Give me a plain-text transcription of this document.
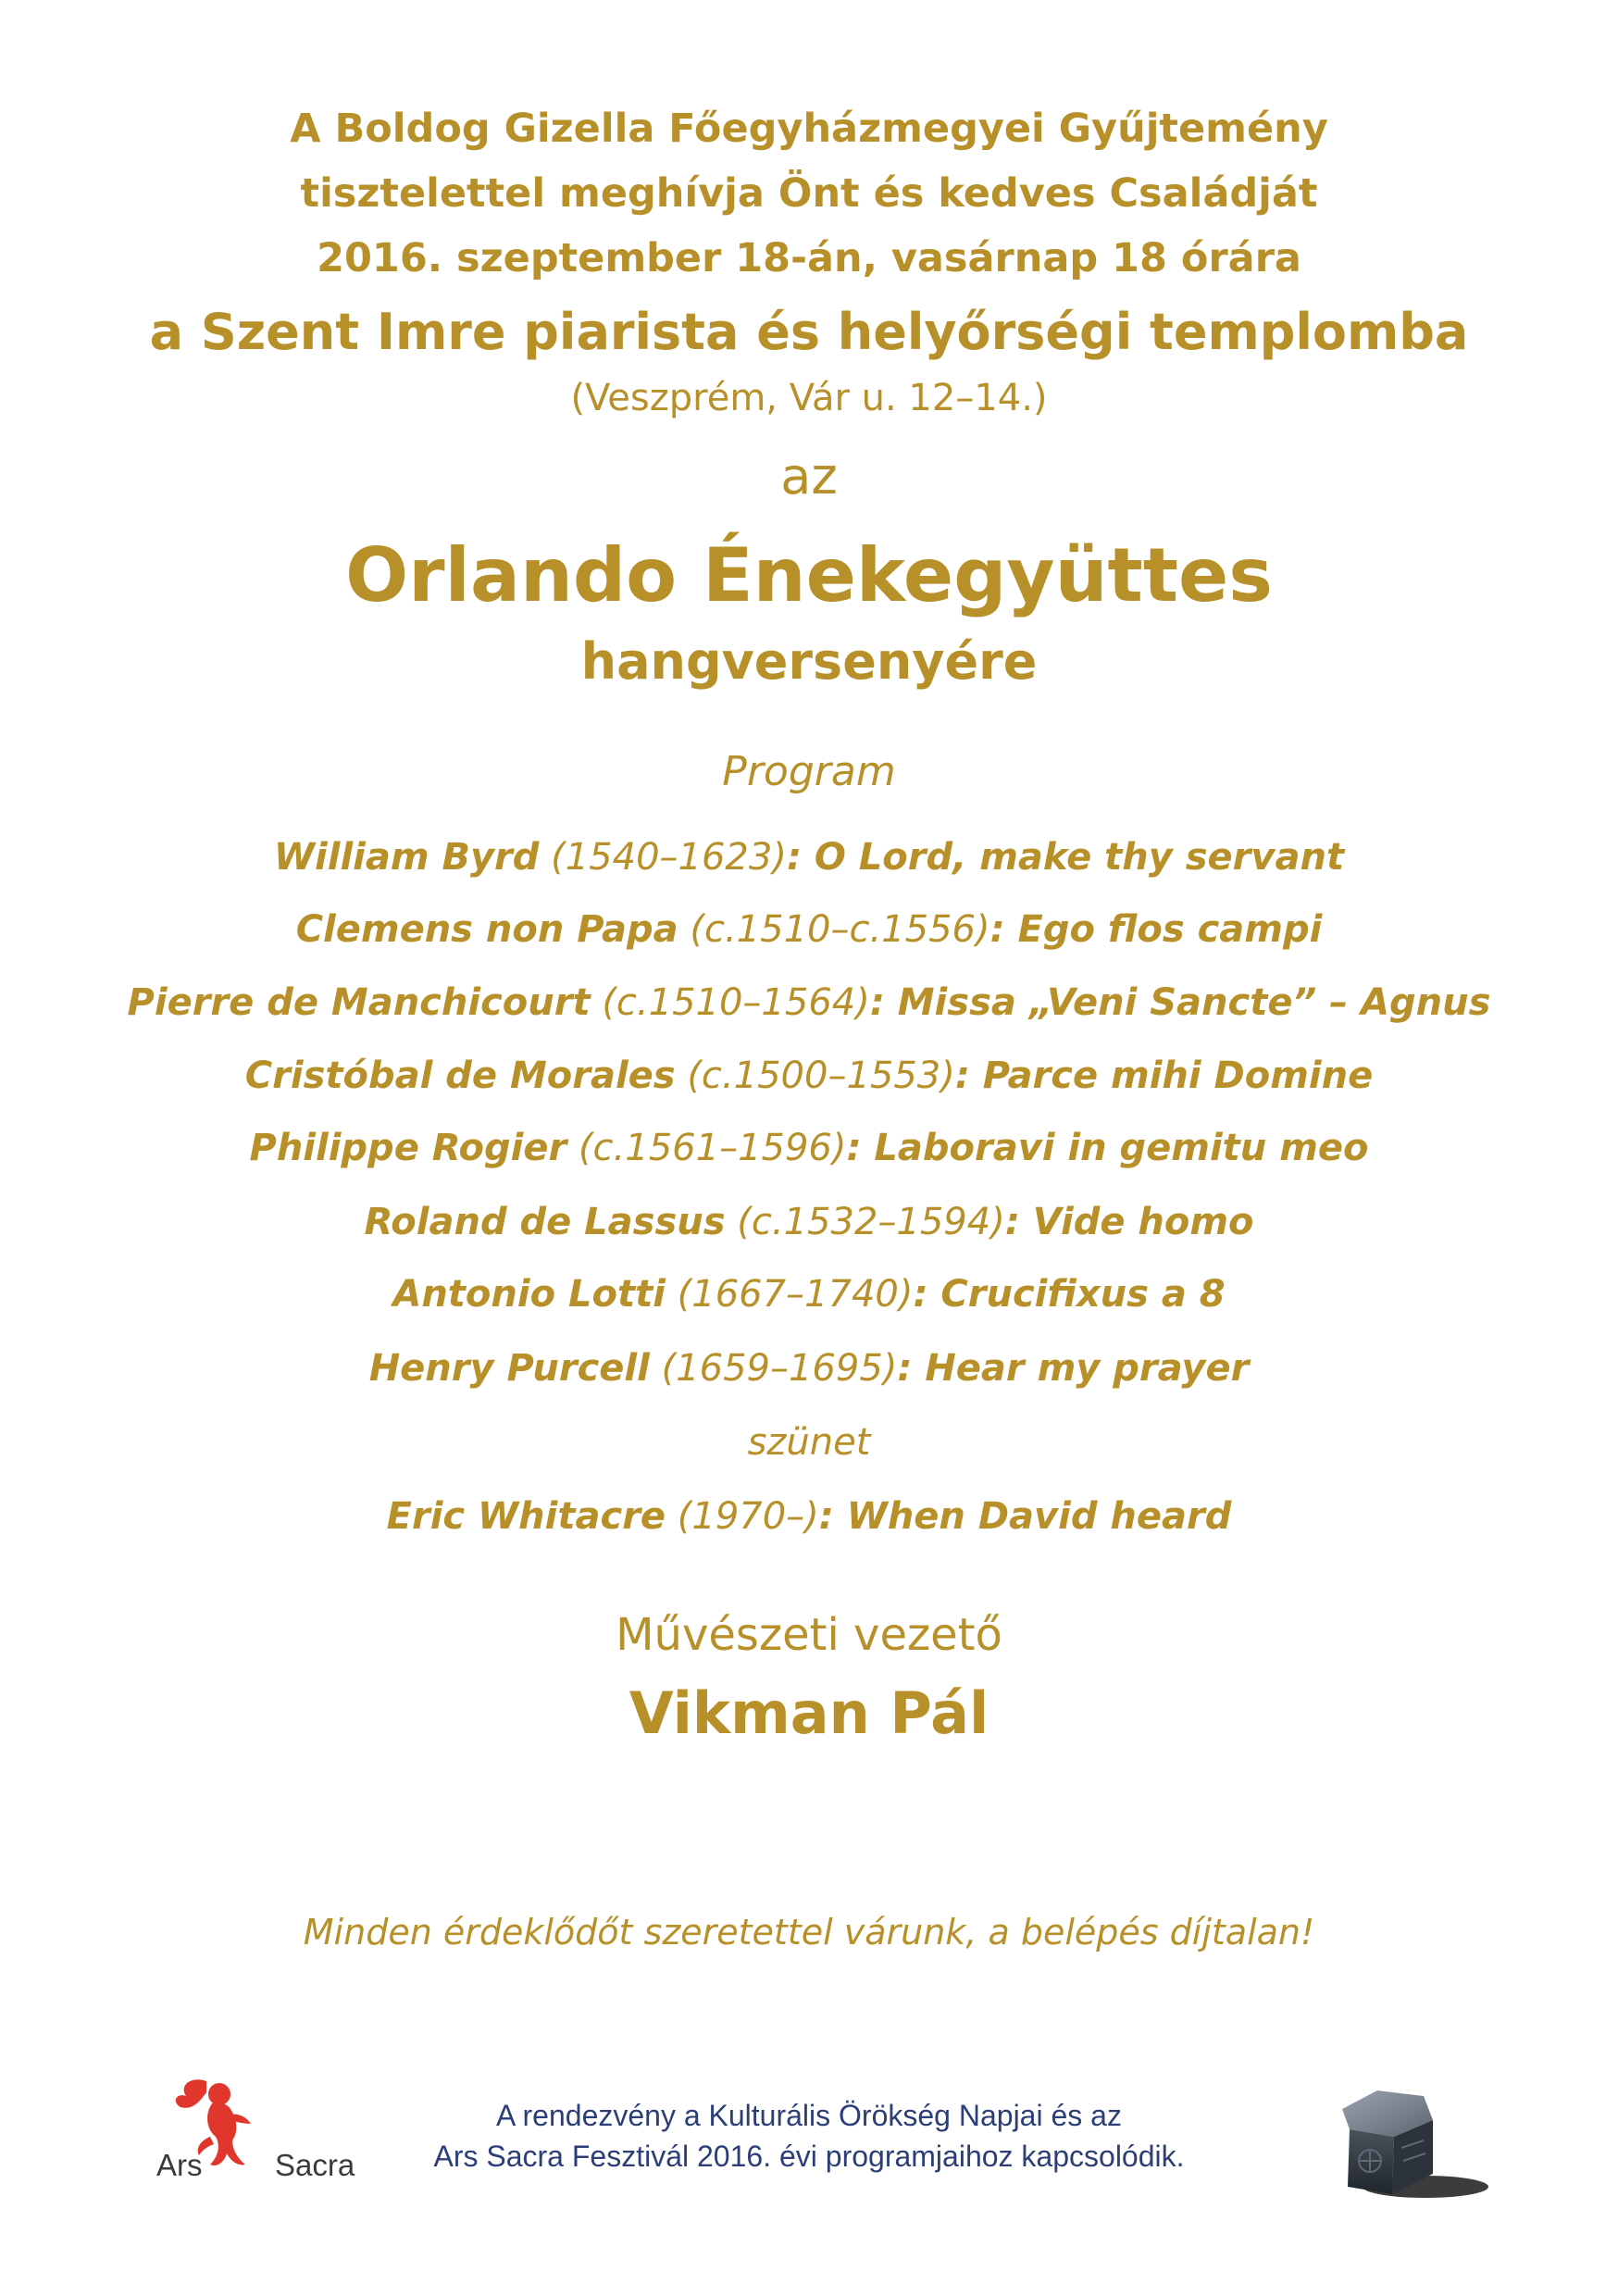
A Boldog Gizella Főegyházmegyei Gyűjtemény
tisztelettel meghívja Önt és kedves Családját
2016. szeptember 18-án, vasárnap 18 órára
a Szent Imre piarista és helyőrségi templomba
(Veszprém, Vár u. 12–14.)
az
Orlando Énekegyüttes
hangversenyére
Program
William Byrd (1540–1623): O Lord, make thy servant
Clemens non Papa (c.1510–c.1556): Ego flos campi
Pierre de Manchicourt (c.1510–1564): Missa „Veni Sancte” – Agnus
Cristóbal de Morales (c.1500–1553): Parce mihi Domine
Philippe Rogier (c.1561–1596): Laboravi in gemitu meo
Roland de Lassus (c.1532–1594): Vide homo
Antonio Lotti (1667–1740): Crucifixus a 8
Henry Purcell (1659–1695): Hear my prayer
szünet
Eric Whitacre (1970–): When David heard
Művészeti vezető
Vikman Pál
Minden érdeklődőt szeretettel várunk, a belépés díjtalan!
Ars Sacra
A rendezvény a Kulturális Örökség Napjai és az
Ars Sacra Fesztivál 2016. évi programjaihoz kapcsolódik.
